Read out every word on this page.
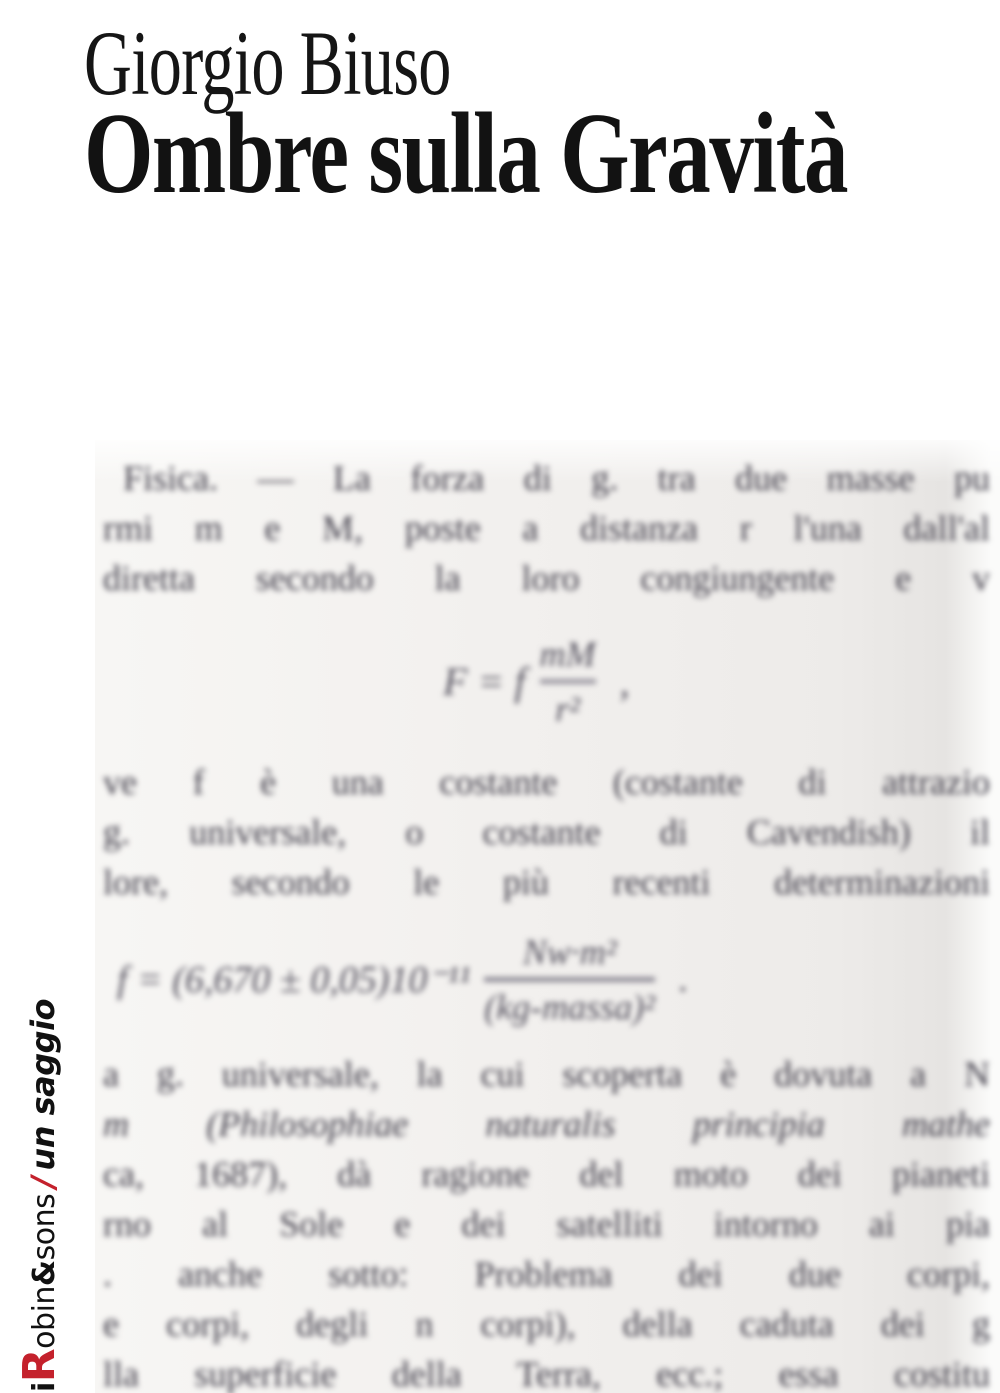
Giorgio Biuso
Ombre sulla Gravità

Fisica. — La forza di g. tra due masse pu

rmi m e M, poste a distanza r l'una dall'al

diretta secondo la loro congiungente e v

F = f
mM
r²
,

ve f è una costante (costante di attrazio

g. universale, o costante di Cavendish) il

lore, secondo le più recenti determinazioni

f = (6,670 ± 0,05)10⁻¹¹
Nw·m²
(kg-massa)²
.

a g. universale, la cui scoperta è dovuta a N

m (Philosophiae naturalis principia mathe

ca, 1687), dà ragione del moto dei pianeti

rno al Sole e dei satelliti intorno ai pia

. anche sotto: Problema dei due corpi,

e corpi, degli n corpi), della caduta dei g

lla superficie della Terra, ecc.; essa costitu

iRobin&sons/un saggio
